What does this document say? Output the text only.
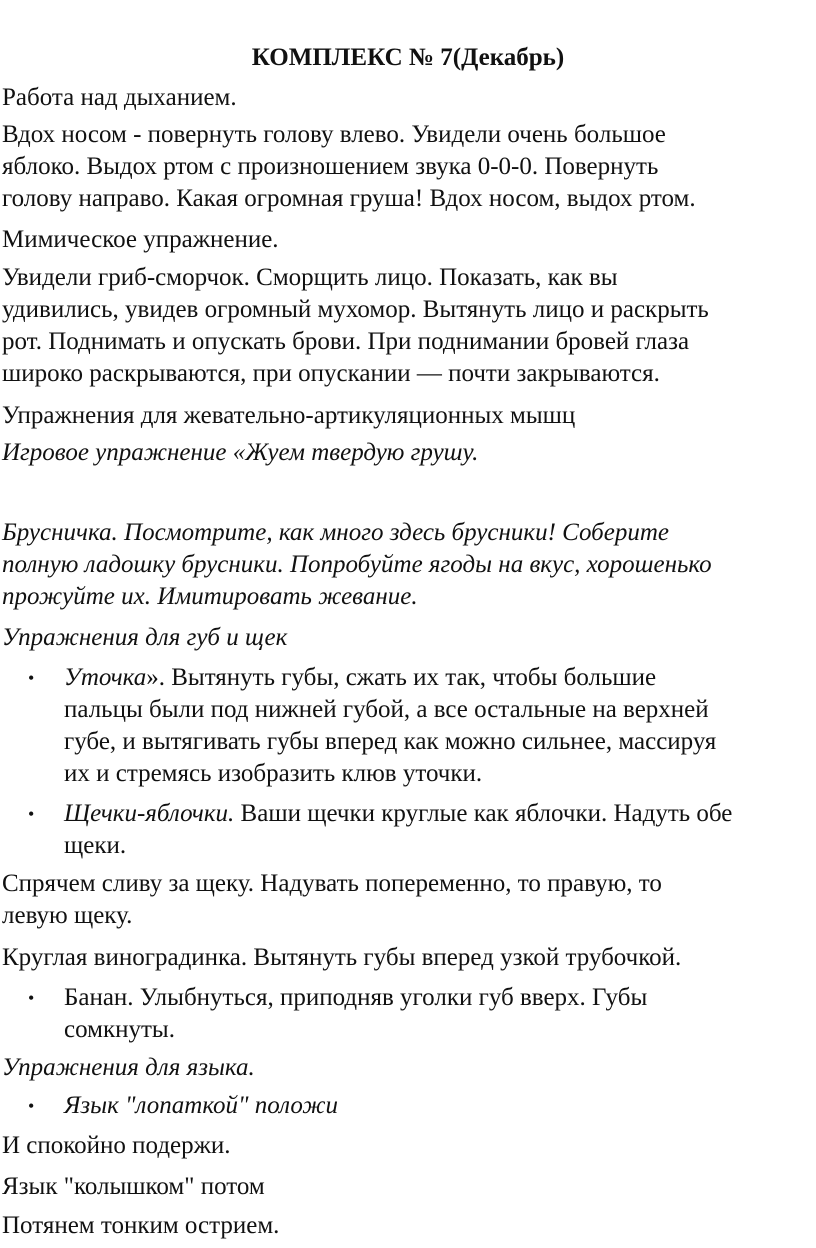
КОМПЛЕКС № 7(Декабрь)
Работа над дыханием.
Вдох носом - повернуть голову влево. Увидели очень большое
яблоко. Выдох ртом с произношением звука 0-0-0. Повернуть
голову направо. Какая огромная груша! Вдох носом, выдох ртом.
Мимическое упражнение.
Увидели гриб-сморчок. Сморщить лицо. Показать, как вы
удивились, увидев огромный мухомор. Вытянуть лицо и раскрыть
рот. Поднимать и опускать брови. При поднимании бровей глаза
широко раскрываются, при опускании — почти закрываются.
Упражнения для жевательно-артикуляционных мышц
Игровое упражнение «Жуем твердую грушу.
Брусничка. Посмотрите, как много здесь брусники! Соберите
полную ладошку брусники. Попробуйте ягоды на вкус, хорошенько
прожуйте их. Имитировать жевание.
Упражнения для губ и щек
• Уточка». Вытянуть губы, сжать их так, чтобы большие
пальцы были под нижней губой, а все остальные на верхней
губе, и вытягивать губы вперед как можно сильнее, массируя
их и стремясь изобразить клюв уточки.
• Щечки-яблочки. Ваши щечки круглые как яблочки. Надуть обе
щеки.
Спрячем сливу за щеку. Надувать попеременно, то правую, то
левую щеку.
Круглая виноградинка. Вытянуть губы вперед узкой трубочкой.
• Банан. Улыбнуться, приподняв уголки губ вверх. Губы
сомкнуты.
Упражнения для языка.
• Язык "лопаткой" положи
И спокойно подержи.
Язык "колышком" потом
Потянем тонким острием.
